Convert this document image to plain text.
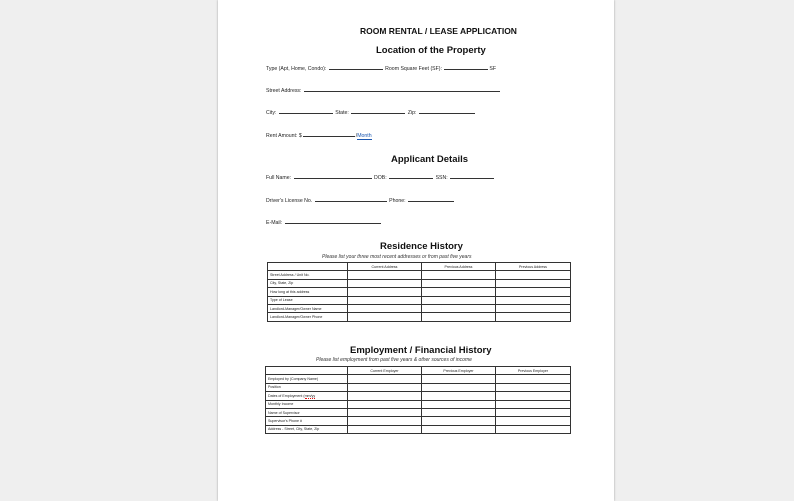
ROOM RENTAL / LEASE APPLICATION
Location of the Property
Type (Apt, Home, Condo):	Room Square Feet (SF):	SF
Street Address:
City:	State:	Zip:
Rent Amount: $	/Month
Applicant Details
Full Name:	DOB:	SSN:
Driver's License No.	Phone:
E-Mail:
Residence History
Please list your three most recent addresses or from past five years
	Current Address	Previous Address	Previous Address
Street Address / Unit No.			
City, State, Zip			
How long at this address			
Type of Lease			
Landlord-Manager/Owner Name			
Landlord-Manager/Owner Phone			
Employment / Financial History
Please list employment from past five years & other sources of income
	Current Employer	Previous Employer	Previous Employer
Employed by (Company Name)			
Position			
Dates of Employment (mm/yy			
Monthly Income			
Name of Supervisor			
Supervisor's Phone #			
Address - Street, City, State, Zip			
